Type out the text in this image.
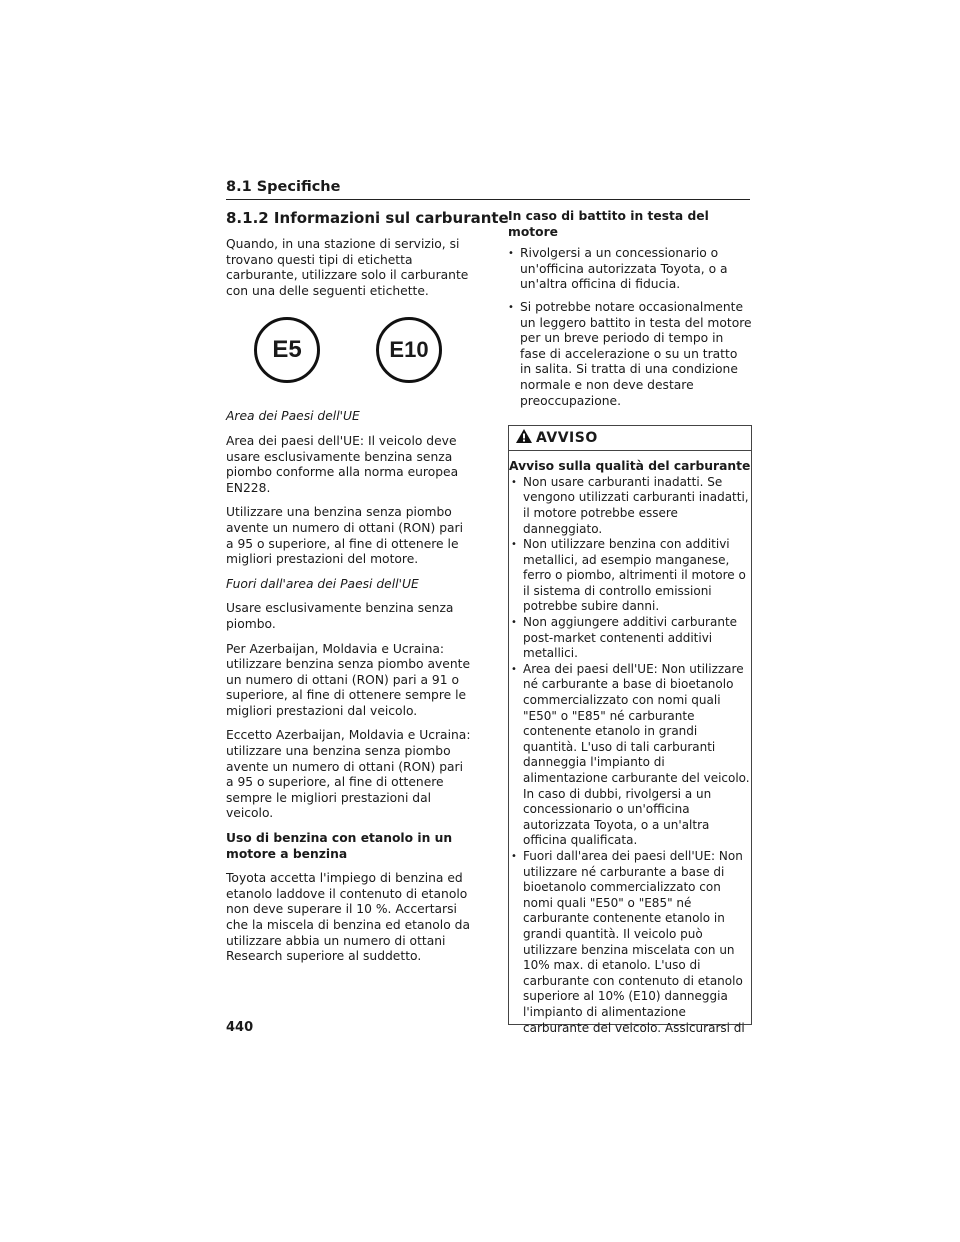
8.1 Specifiche
8.1.2 Informazioni sul carburante

Quando, in una stazione di servizio, si trovano questi tipi di etichetta carburante, utilizzare solo il carburante con una delle seguenti etichette.

E5	E10

Area dei Paesi dell'UE

Area dei paesi dell'UE: Il veicolo deve usare esclusivamente benzina senza piombo conforme alla norma europea EN228.

Utilizzare una benzina senza piombo avente un numero di ottani (RON) pari a 95 o superiore, al fine di ottenere le migliori prestazioni del motore.

Fuori dall'area dei Paesi dell'UE

Usare esclusivamente benzina senza piombo.

Per Azerbaijan, Moldavia e Ucraina: utilizzare benzina senza piombo avente un numero di ottani (RON) pari a 91 o superiore, al fine di ottenere sempre le migliori prestazioni dal veicolo.

Eccetto Azerbaijan, Moldavia e Ucraina: utilizzare una benzina senza piombo avente un numero di ottani (RON) pari a 95 o superiore, al fine di ottenere sempre le migliori prestazioni dal veicolo.

Uso di benzina con etanolo in un motore a benzina

Toyota accetta l'impiego di benzina ed etanolo laddove il contenuto di etanolo non deve superare il 10 %. Accertarsi che la miscela di benzina ed etanolo da utilizzare abbia un numero di ottani Research superiore al suddetto.

In caso di battito in testa del motore

• Rivolgersi a un concessionario o un'officina autorizzata Toyota, o a un'altra officina di fiducia.
• Si potrebbe notare occasionalmente un leggero battito in testa del motore per un breve periodo di tempo in fase di accelerazione o su un tratto in salita. Si tratta di una condizione normale e non deve destare preoccupazione.
AVVISO
Avviso sulla qualità del carburante
• Non usare carburanti inadatti. Se vengono utilizzati carburanti inadatti, il motore potrebbe essere danneggiato.
• Non utilizzare benzina con additivi metallici, ad esempio manganese, ferro o piombo, altrimenti il motore o il sistema di controllo emissioni potrebbe subire danni.
• Non aggiungere additivi carburante post-market contenenti additivi metallici.
• Area dei paesi dell'UE: Non utilizzare né carburante a base di bioetanolo commercializzato con nomi quali "E50" o "E85" né carburante contenente etanolo in grandi quantità. L'uso di tali carburanti danneggia l'impianto di alimentazione carburante del veicolo. In caso di dubbi, rivolgersi a un concessionario o un'officina autorizzata Toyota, o a un'altra officina qualificata.
• Fuori dall'area dei paesi dell'UE: Non utilizzare né carburante a base di bioetanolo commercializzato con nomi quali "E50" o "E85" né carburante contenente etanolo in grandi quantità. Il veicolo può utilizzare benzina miscelata con un 10% max. di etanolo. L'uso di carburante con contenuto di etanolo superiore al 10% (E10) danneggia l'impianto di alimentazione carburante del veicolo. Assicurarsi di
440
